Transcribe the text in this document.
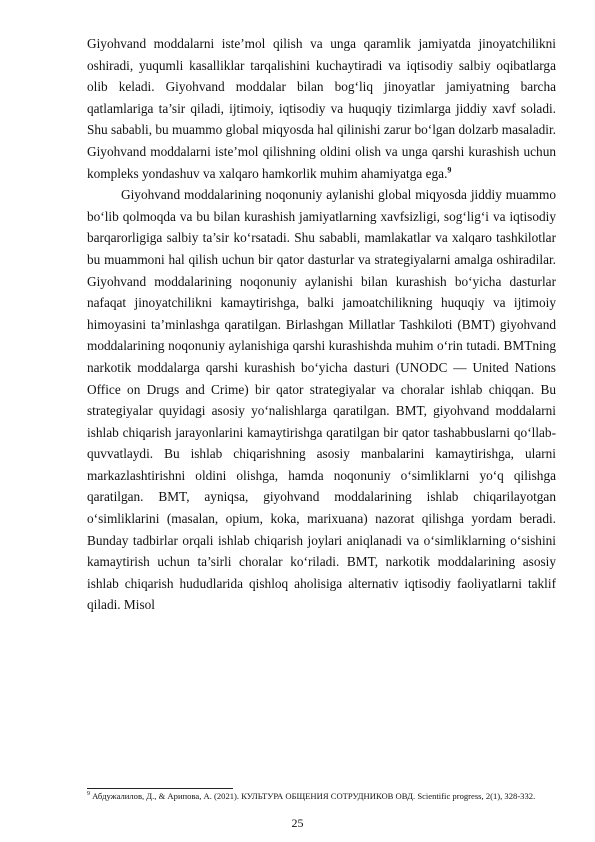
Giyohvand moddalarni iste’mol qilish va unga qaramlik jamiyatda jinoyatchilikni oshiradi, yuqumli kasalliklar tarqalishini kuchaytiradi va iqtisodiy salbiy oqibatlarga olib keladi. Giyohvand moddalar bilan bog‘liq jinoyatlar jamiyatning barcha qatlamlariga ta’sir qiladi, ijtimoiy, iqtisodiy va huquqiy tizimlarga jiddiy xavf soladi. Shu sababli, bu muammo global miqyosda hal qilinishi zarur bo‘lgan dolzarb masaladir. Giyohvand moddalarni iste’mol qilishning oldini olish va unga qarshi kurashish uchun kompleks yondashuv va xalqaro hamkorlik muhim ahamiyatga ega.$^9$

Giyohvand moddalarining noqonuniy aylanishi global miqyosda jiddiy muammo bo‘lib qolmoqda va bu bilan kurashish jamiyatlarning xavfsizligi, sog‘lig‘i va iqtisodiy barqarorligiga salbiy ta’sir ko‘rsatadi. Shu sababli, mamlakatlar va xalqaro tashkilotlar bu muammoni hal qilish uchun bir qator dasturlar va strategiyalarni amalga oshiradilar. Giyohvand moddalarining noqonuniy aylanishi bilan kurashish bo‘yicha dasturlar nafaqat jinoyatchilikni kamaytirishga, balki jamoatchilikning huquqiy va ijtimoiy himoyasini ta’minlashga qaratilgan. Birlashgan Millatlar Tashkiloti (BMT) giyohvand moddalarining noqonuniy aylanishiga qarshi kurashishda muhim o‘rin tutadi. BMTning narkotik moddalarga qarshi kurashish bo‘yicha dasturi (UNODC — United Nations Office on Drugs and Crime) bir qator strategiyalar va choralar ishlab chiqqan. Bu strategiyalar quyidagi asosiy yo‘nalishlarga qaratilgan. BMT, giyohvand moddalarni ishlab chiqarish jarayonlarini kamaytirishga qaratilgan bir qator tashabbuslarni qo‘llab-quvvatlaydi. Bu ishlab chiqarishning asosiy manbalarini kamaytirishga, ularni markazlashtirishni oldini olishga, hamda noqonuniy o‘simliklarni yo‘q qilishga qaratilgan. BMT, ayniqsa, giyohvand moddalarining ishlab chiqarilayotgan o‘simliklarini (masalan, opium, koka, marixuana) nazorat qilishga yordam beradi. Bunday tadbirlar orqali ishlab chiqarish joylari aniqlanadi va o‘simliklarning o‘sishini kamaytirish uchun ta’sirli choralar ko‘riladi. BMT, narkotik moddalarining asosiy ishlab chiqarish hududlarida qishloq aholisiga alternativ iqtisodiy faoliyatlarni taklif qiladi. Misol

$^9$ Абдужалилов, Д., & Арипова, А. (2021). КУЛЬТУРА ОБЩЕНИЯ СОТРУДНИКОВ ОВД. Scientific progress, 2(1), 328-332.

25
